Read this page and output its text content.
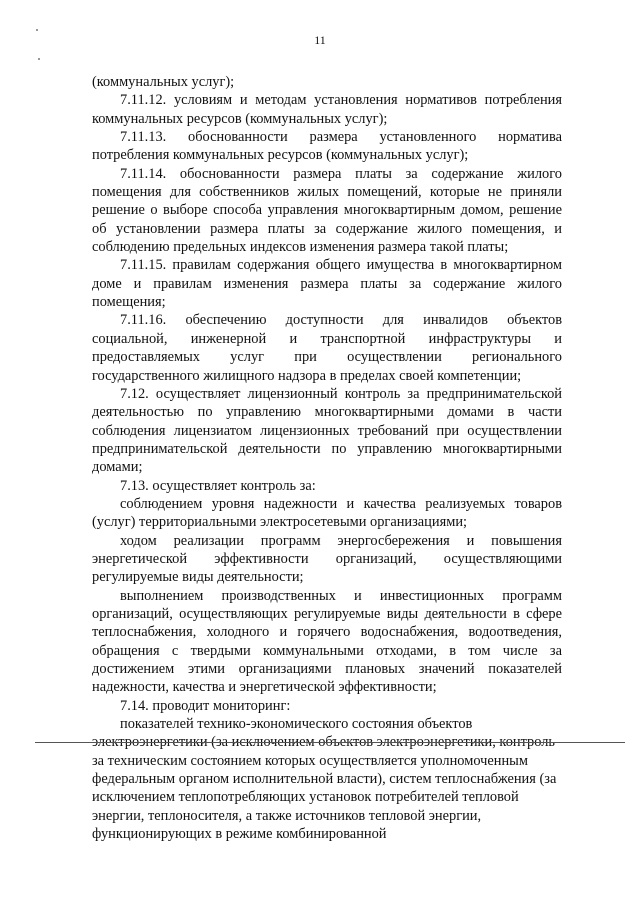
11

(коммунальных услуг);

7.11.12. условиям и методам установления нормативов потребления коммунальных ресурсов (коммунальных услуг);

7.11.13. обоснованности размера установленного норматива потребления коммунальных ресурсов (коммунальных услуг);

7.11.14. обоснованности размера платы за содержание жилого помещения для собственников жилых помещений, которые не приняли решение о выборе способа управления многоквартирным домом, решение об установлении размера платы за содержание жилого помещения, и соблюдению предельных индексов изменения размера такой платы;

7.11.15. правилам содержания общего имущества в многоквартирном доме и правилам изменения размера платы за содержание жилого помещения;

7.11.16. обеспечению доступности для инвалидов объектов социальной, инженерной и транспортной инфраструктуры и предоставляемых услуг при осуществлении регионального государственного жилищного надзора в пределах своей компетенции;

7.12. осуществляет лицензионный контроль за предпринимательской деятельностью по управлению многоквартирными домами в части соблюдения лицензиатом лицензионных требований при осуществлении предпринимательской деятельности по управлению многоквартирными домами;

7.13. осуществляет контроль за:

соблюдением уровня надежности и качества реализуемых товаров (услуг) территориальными электросетевыми организациями;

ходом реализации программ энергосбережения и повышения энергетической эффективности организаций, осуществляющими регулируемые виды деятельности;

выполнением производственных и инвестиционных программ организаций, осуществляющих регулируемые виды деятельности в сфере теплоснабжения, холодного и горячего водоснабжения, водоотведения, обращения с твердыми коммунальными отходами, в том числе за достижением этими организациями плановых значений показателей надежности, качества и энергетической эффективности;

7.14. проводит мониторинг:

показателей технико-экономического состояния объектов электроэнергетики (за исключением объектов электроэнергетики, контроль за техническим состоянием которых осуществляется уполномоченным федеральным органом исполнительной власти), систем теплоснабжения (за исключением теплопотребляющих установок потребителей тепловой энергии, теплоносителя, а также источников тепловой энергии, функционирующих в режиме комбинированной
